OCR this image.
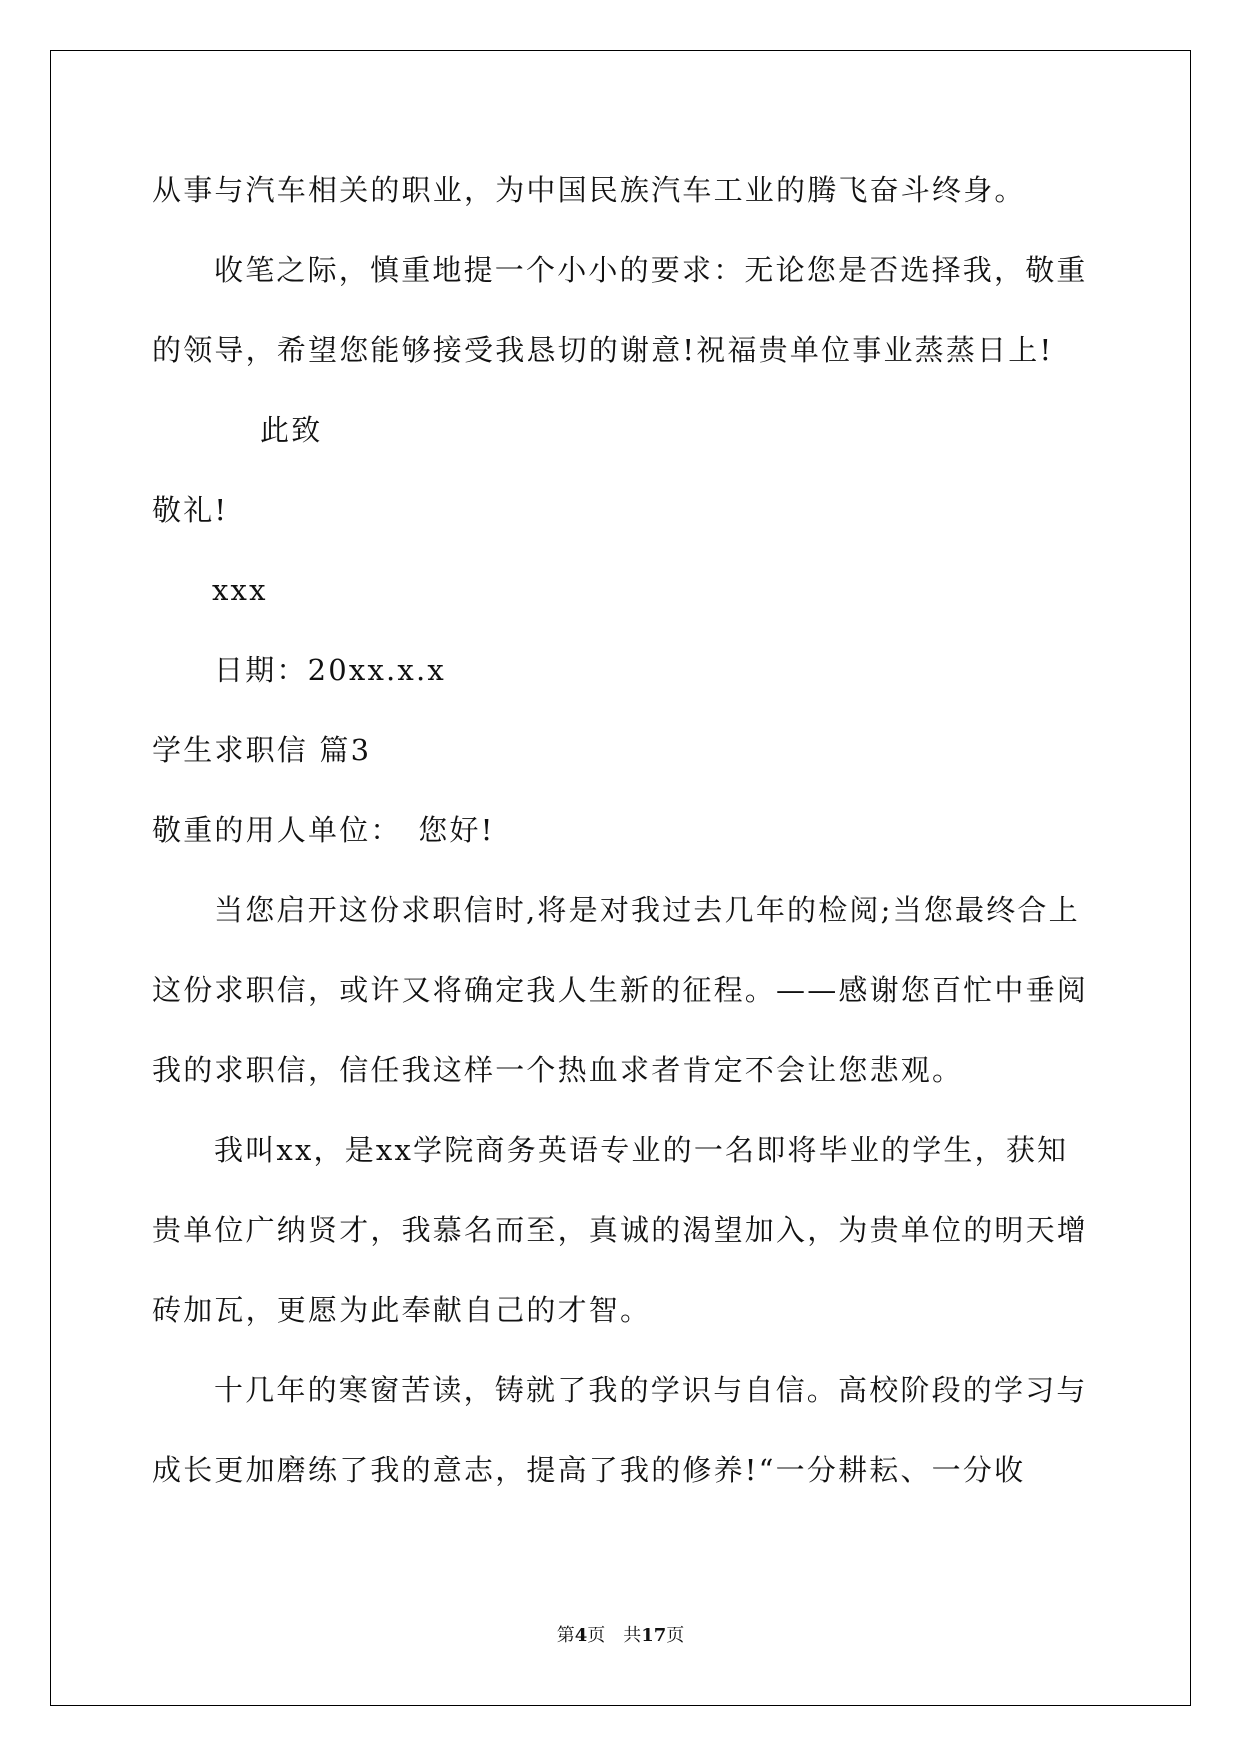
从事与汽车相关的职业，为中国民族汽车工业的腾飞奋斗终身。
收笔之际，慎重地提一个小小的要求：无论您是否选择我，敬重
的领导，希望您能够接受我恳切的谢意!祝福贵单位事业蒸蒸日上!
此致
敬礼!
xxx
日期：20xx.x.x
学生求职信 篇3
敬重的用人单位：　您好!
当您启开这份求职信时,将是对我过去几年的检阅;当您最终合上
这份求职信，或许又将确定我人生新的征程。——感谢您百忙中垂阅
我的求职信，信任我这样一个热血求者肯定不会让您悲观。
我叫xx，是xx学院商务英语专业的一名即将毕业的学生，获知
贵单位广纳贤才，我慕名而至，真诚的渴望加入，为贵单位的明天增
砖加瓦，更愿为此奉献自己的才智。
十几年的寒窗苦读，铸就了我的学识与自信。高校阶段的学习与
成长更加磨练了我的意志，提高了我的修养!“一分耕耘、一分收
第4页 共17页
